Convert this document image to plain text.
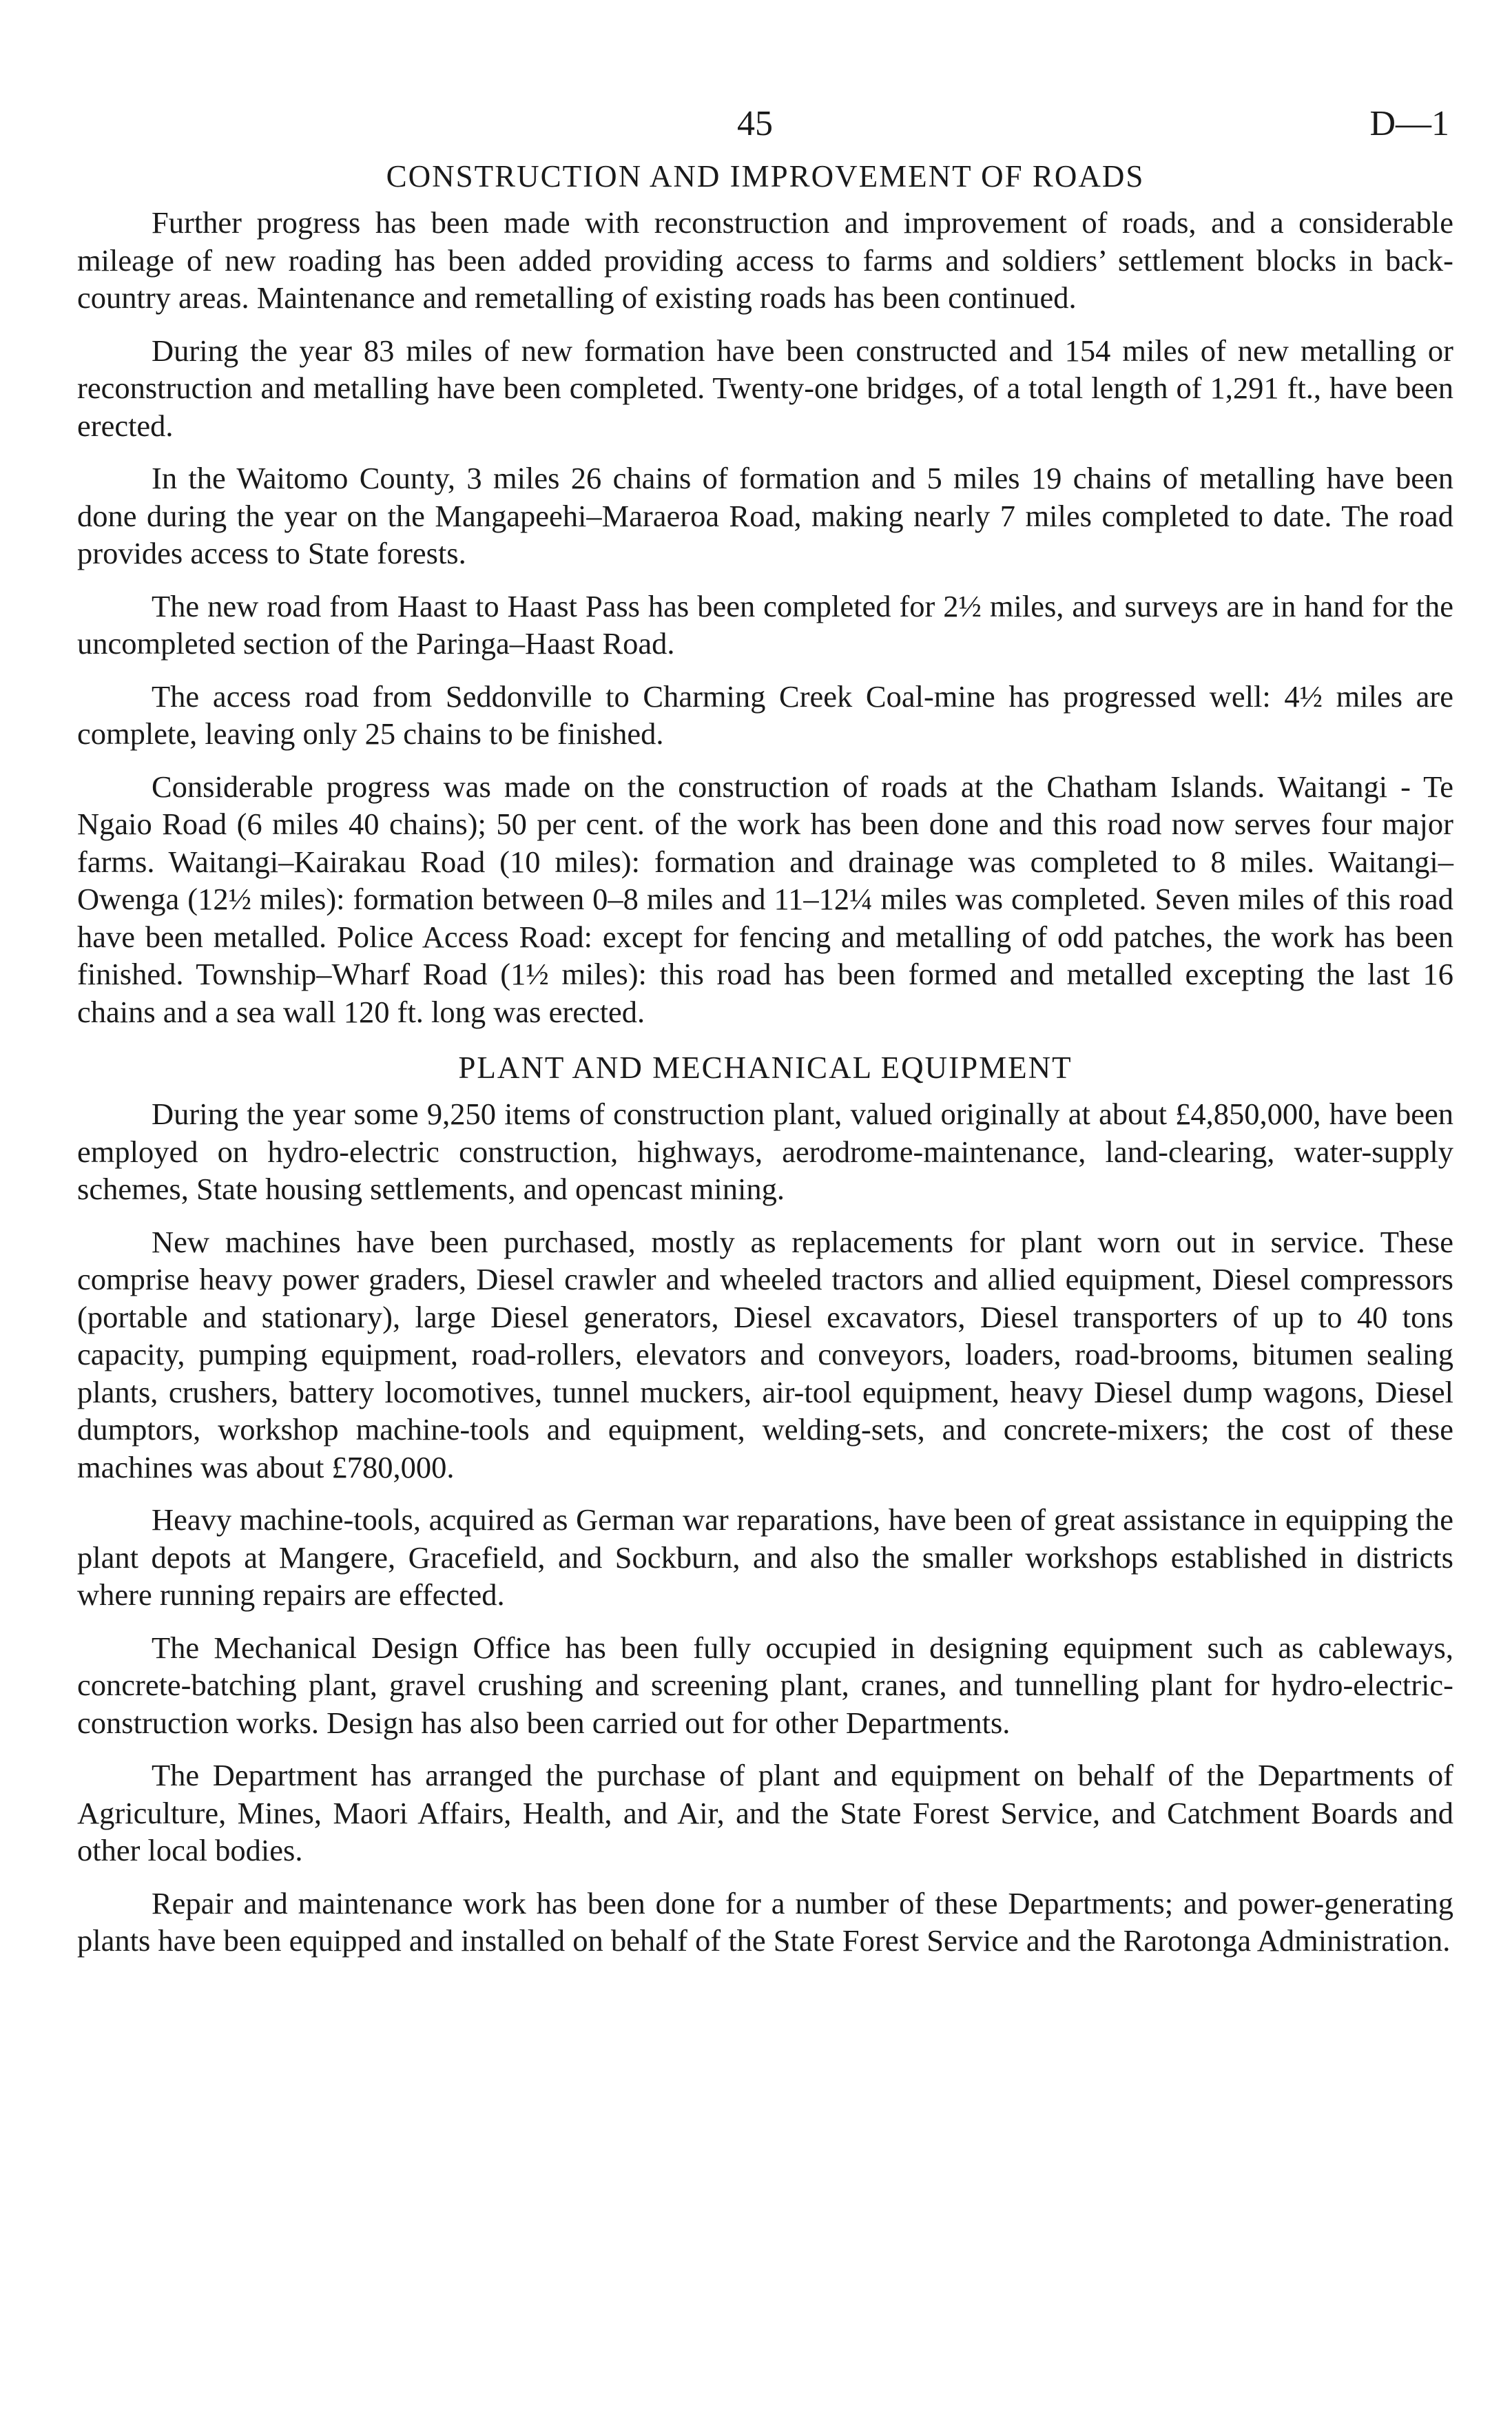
45	D—1
CONSTRUCTION AND IMPROVEMENT OF ROADS

Further progress has been made with reconstruction and improvement of roads, and a considerable mileage of new roading has been added providing access to farms and soldiers’ settlement blocks in back-country areas. Maintenance and remetalling of existing roads has been continued.

During the year 83 miles of new formation have been constructed and 154 miles of new metalling or reconstruction and metalling have been completed. Twenty-one bridges, of a total length of 1,291 ft., have been erected.

In the Waitomo County, 3 miles 26 chains of formation and 5 miles 19 chains of metalling have been done during the year on the Mangapeehi–Maraeroa Road, making nearly 7 miles completed to date. The road provides access to State forests.

The new road from Haast to Haast Pass has been completed for 2½ miles, and surveys are in hand for the uncompleted section of the Paringa–Haast Road.

The access road from Seddonville to Charming Creek Coal-mine has progressed well: 4½ miles are complete, leaving only 25 chains to be finished.

Considerable progress was made on the construction of roads at the Chatham Islands. Waitangi - Te Ngaio Road (6 miles 40 chains); 50 per cent. of the work has been done and this road now serves four major farms. Waitangi–Kairakau Road (10 miles): formation and drainage was completed to 8 miles. Waitangi–Owenga (12½ miles): formation between 0–8 miles and 11–12¼ miles was completed. Seven miles of this road have been metalled. Police Access Road: except for fencing and metalling of odd patches, the work has been finished. Township–Wharf Road (1½ miles): this road has been formed and metalled excepting the last 16 chains and a sea wall 120 ft. long was erected.

PLANT AND MECHANICAL EQUIPMENT

During the year some 9,250 items of construction plant, valued originally at about £4,850,000, have been employed on hydro-electric construction, highways, aerodrome-maintenance, land-clearing, water-supply schemes, State housing settlements, and opencast mining.

New machines have been purchased, mostly as replacements for plant worn out in service. These comprise heavy power graders, Diesel crawler and wheeled tractors and allied equipment, Diesel compressors (portable and stationary), large Diesel generators, Diesel excavators, Diesel transporters of up to 40 tons capacity, pumping equipment, road-rollers, elevators and conveyors, loaders, road-brooms, bitumen sealing plants, crushers, battery locomotives, tunnel muckers, air-tool equipment, heavy Diesel dump wagons, Diesel dumptors, workshop machine-tools and equipment, welding-sets, and concrete-mixers; the cost of these machines was about £780,000.

Heavy machine-tools, acquired as German war reparations, have been of great assistance in equipping the plant depots at Mangere, Gracefield, and Sockburn, and also the smaller workshops established in districts where running repairs are effected.

The Mechanical Design Office has been fully occupied in designing equipment such as cableways, concrete-batching plant, gravel crushing and screening plant, cranes, and tunnelling plant for hydro-electric-construction works. Design has also been carried out for other Departments.

The Department has arranged the purchase of plant and equipment on behalf of the Departments of Agriculture, Mines, Maori Affairs, Health, and Air, and the State Forest Service, and Catchment Boards and other local bodies.

Repair and maintenance work has been done for a number of these Departments; and power-generating plants have been equipped and installed on behalf of the State Forest Service and the Rarotonga Administration.
